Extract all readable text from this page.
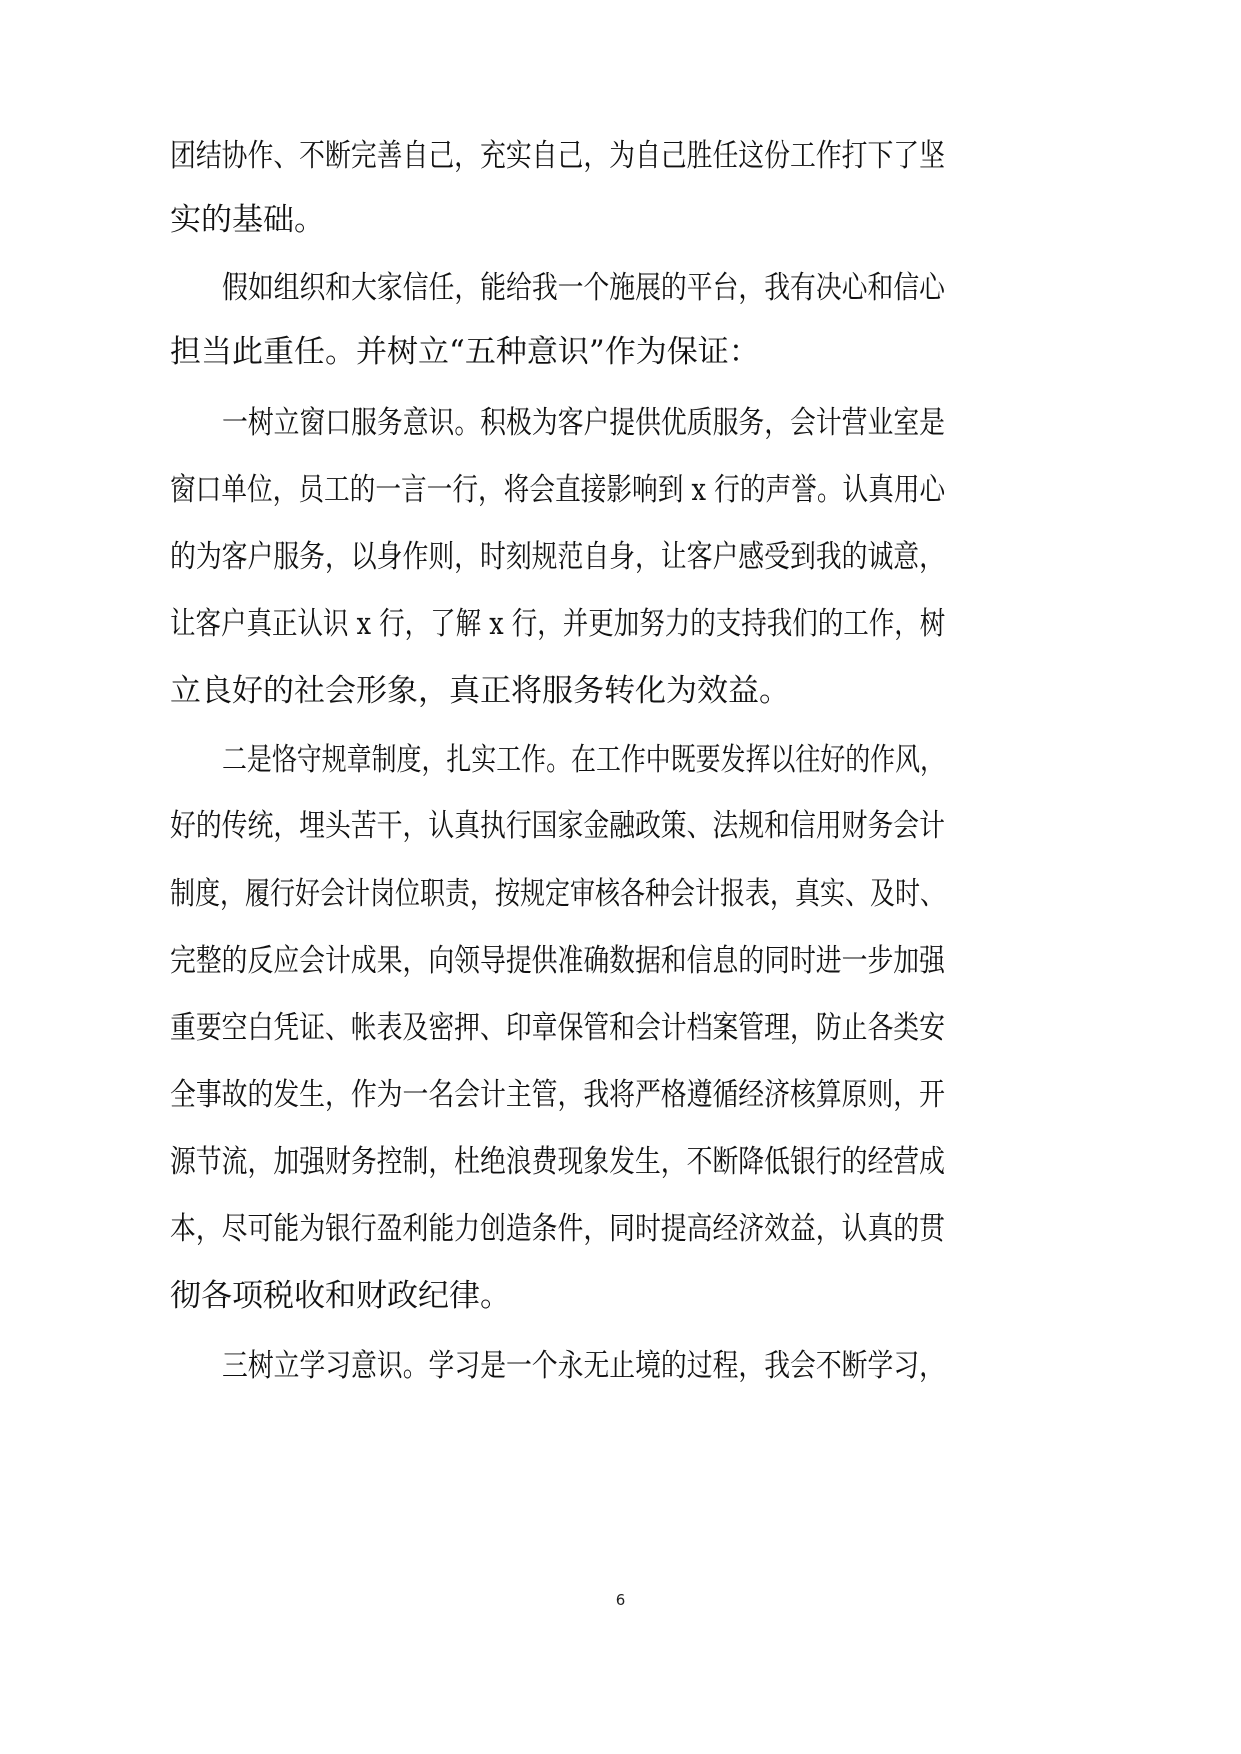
团结协作、不断完善自己，充实自己，为自己胜任这份工作打下了坚
实的基础。
假如组织和大家信任，能给我一个施展的平台，我有决心和信心
担当此重任。并树立“五种意识”作为保证：
一树立窗口服务意识。积极为客户提供优质服务，会计营业室是
窗口单位，员工的一言一行，将会直接影响到 x 行的声誉。认真用心
的为客户服务，以身作则，时刻规范自身，让客户感受到我的诚意，
让客户真正认识 x 行，了解 x 行，并更加努力的支持我们的工作，树
立良好的社会形象，真正将服务转化为效益。
二是恪守规章制度，扎实工作。在工作中既要发挥以往好的作风，
好的传统，埋头苦干，认真执行国家金融政策、法规和信用财务会计
制度，履行好会计岗位职责，按规定审核各种会计报表，真实、及时、
完整的反应会计成果，向领导提供准确数据和信息的同时进一步加强
重要空白凭证、帐表及密押、印章保管和会计档案管理，防止各类安
全事故的发生，作为一名会计主管，我将严格遵循经济核算原则，开
源节流，加强财务控制，杜绝浪费现象发生，不断降低银行的经营成
本，尽可能为银行盈利能力创造条件，同时提高经济效益，认真的贯
彻各项税收和财政纪律。
三树立学习意识。学习是一个永无止境的过程，我会不断学习，
6
